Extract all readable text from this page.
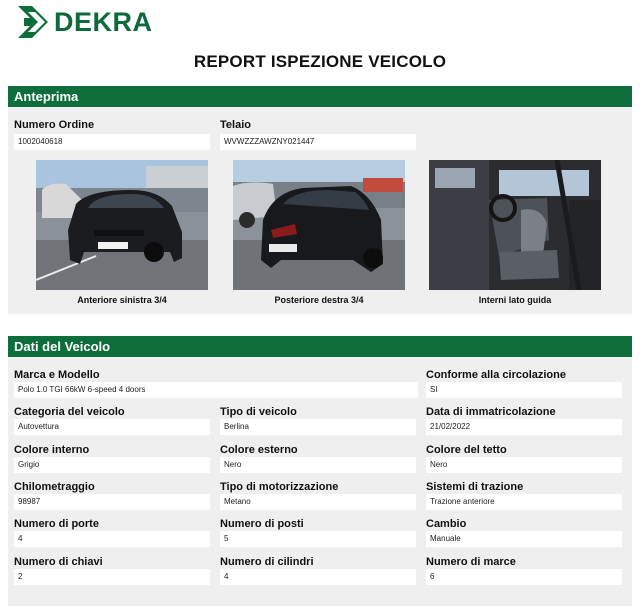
DEKRA
REPORT ISPEZIONE VEICOLO
Anteprima
Numero Ordine
1002040618
Telaio
WVWZZZAWZNY021447
Anteriore sinistra 3/4	Posteriore destra 3/4	Interni lato guida
Dati del Veicolo
Marca e Modello
Polo 1.0 TGI 66kW 6-speed 4 doors
Conforme alla circolazione
SI
Categoria del veicolo
Autovettura
Tipo di veicolo
Berlina
Data di immatricolazione
21/02/2022
Colore interno
Grigio
Colore esterno
Nero
Colore del tetto
Nero
Chilometraggio
98987
Tipo di motorizzazione
Metano
Sistemi di trazione
Trazione anteriore
Numero di porte
4
Numero di posti
5
Cambio
Manuale
Numero di chiavi
2
Numero di cilindri
4
Numero di marce
6
